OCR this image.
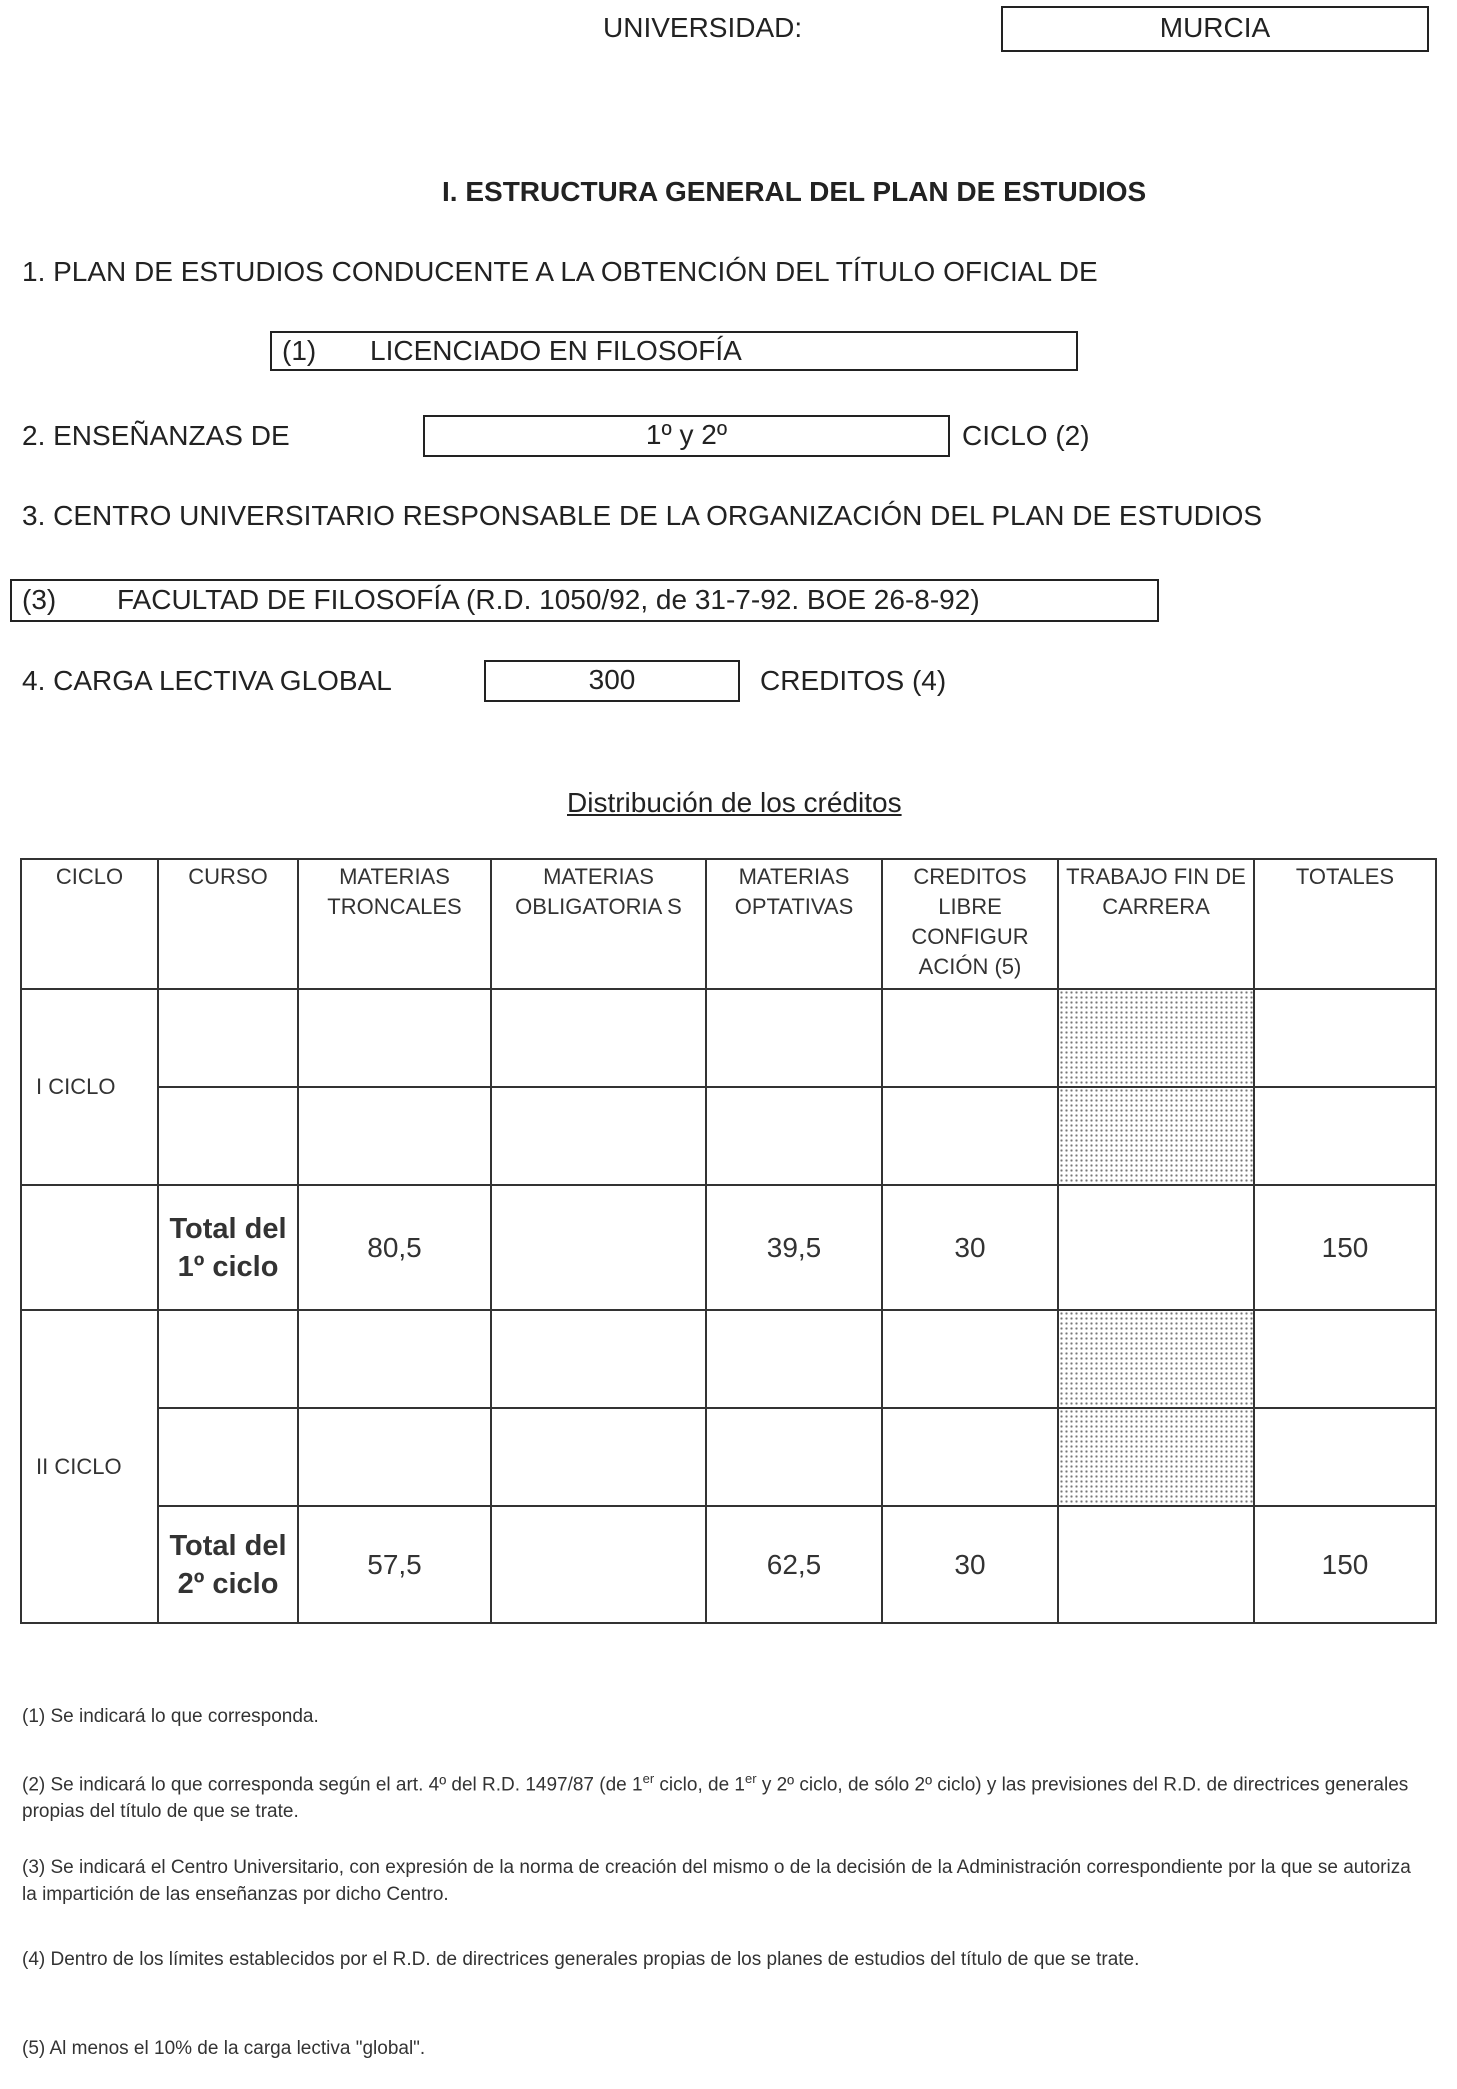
UNIVERSIDAD:	MURCIA
I. ESTRUCTURA GENERAL DEL PLAN DE ESTUDIOS
1. PLAN DE ESTUDIOS CONDUCENTE A LA OBTENCIÓN DEL TÍTULO OFICIAL DE
(1) LICENCIADO EN FILOSOFÍA
2. ENSEÑANZAS DE	1º y 2º	CICLO (2)
3. CENTRO UNIVERSITARIO RESPONSABLE DE LA ORGANIZACIÓN DEL PLAN DE ESTUDIOS
(3) FACULTAD DE FILOSOFÍA (R.D. 1050/92, de 31-7-92. BOE 26-8-92)
4. CARGA LECTIVA GLOBAL	300	CREDITOS (4)
Distribución de los créditos
CICLO	CURSO	MATERIAS TRONCALES	MATERIAS OBLIGATORIA S	MATERIAS OPTATIVAS	CREDITOS LIBRE CONFIGUR ACIÓN (5)	TRABAJO FIN DE CARRERA	TOTALES
I CICLO							

	Total del 1º ciclo	80,5		39,5	30		150
II CICLO							

	Total del 2º ciclo	57,5		62,5	30		150
(1) Se indicará lo que corresponda.
(2) Se indicará lo que corresponda según el art. 4º del R.D. 1497/87 (de 1er ciclo, de 1er y 2º ciclo, de sólo 2º ciclo) y las previsiones del R.D. de directrices generales propias del título de que se trate.
(3) Se indicará el Centro Universitario, con expresión de la norma de creación del mismo o de la decisión de la Administración correspondiente por la que se autoriza la impartición de las enseñanzas por dicho Centro.
(4) Dentro de los límites establecidos por el R.D. de directrices generales propias de los planes de estudios del título de que se trate.
(5) Al menos el 10% de la carga lectiva "global".
